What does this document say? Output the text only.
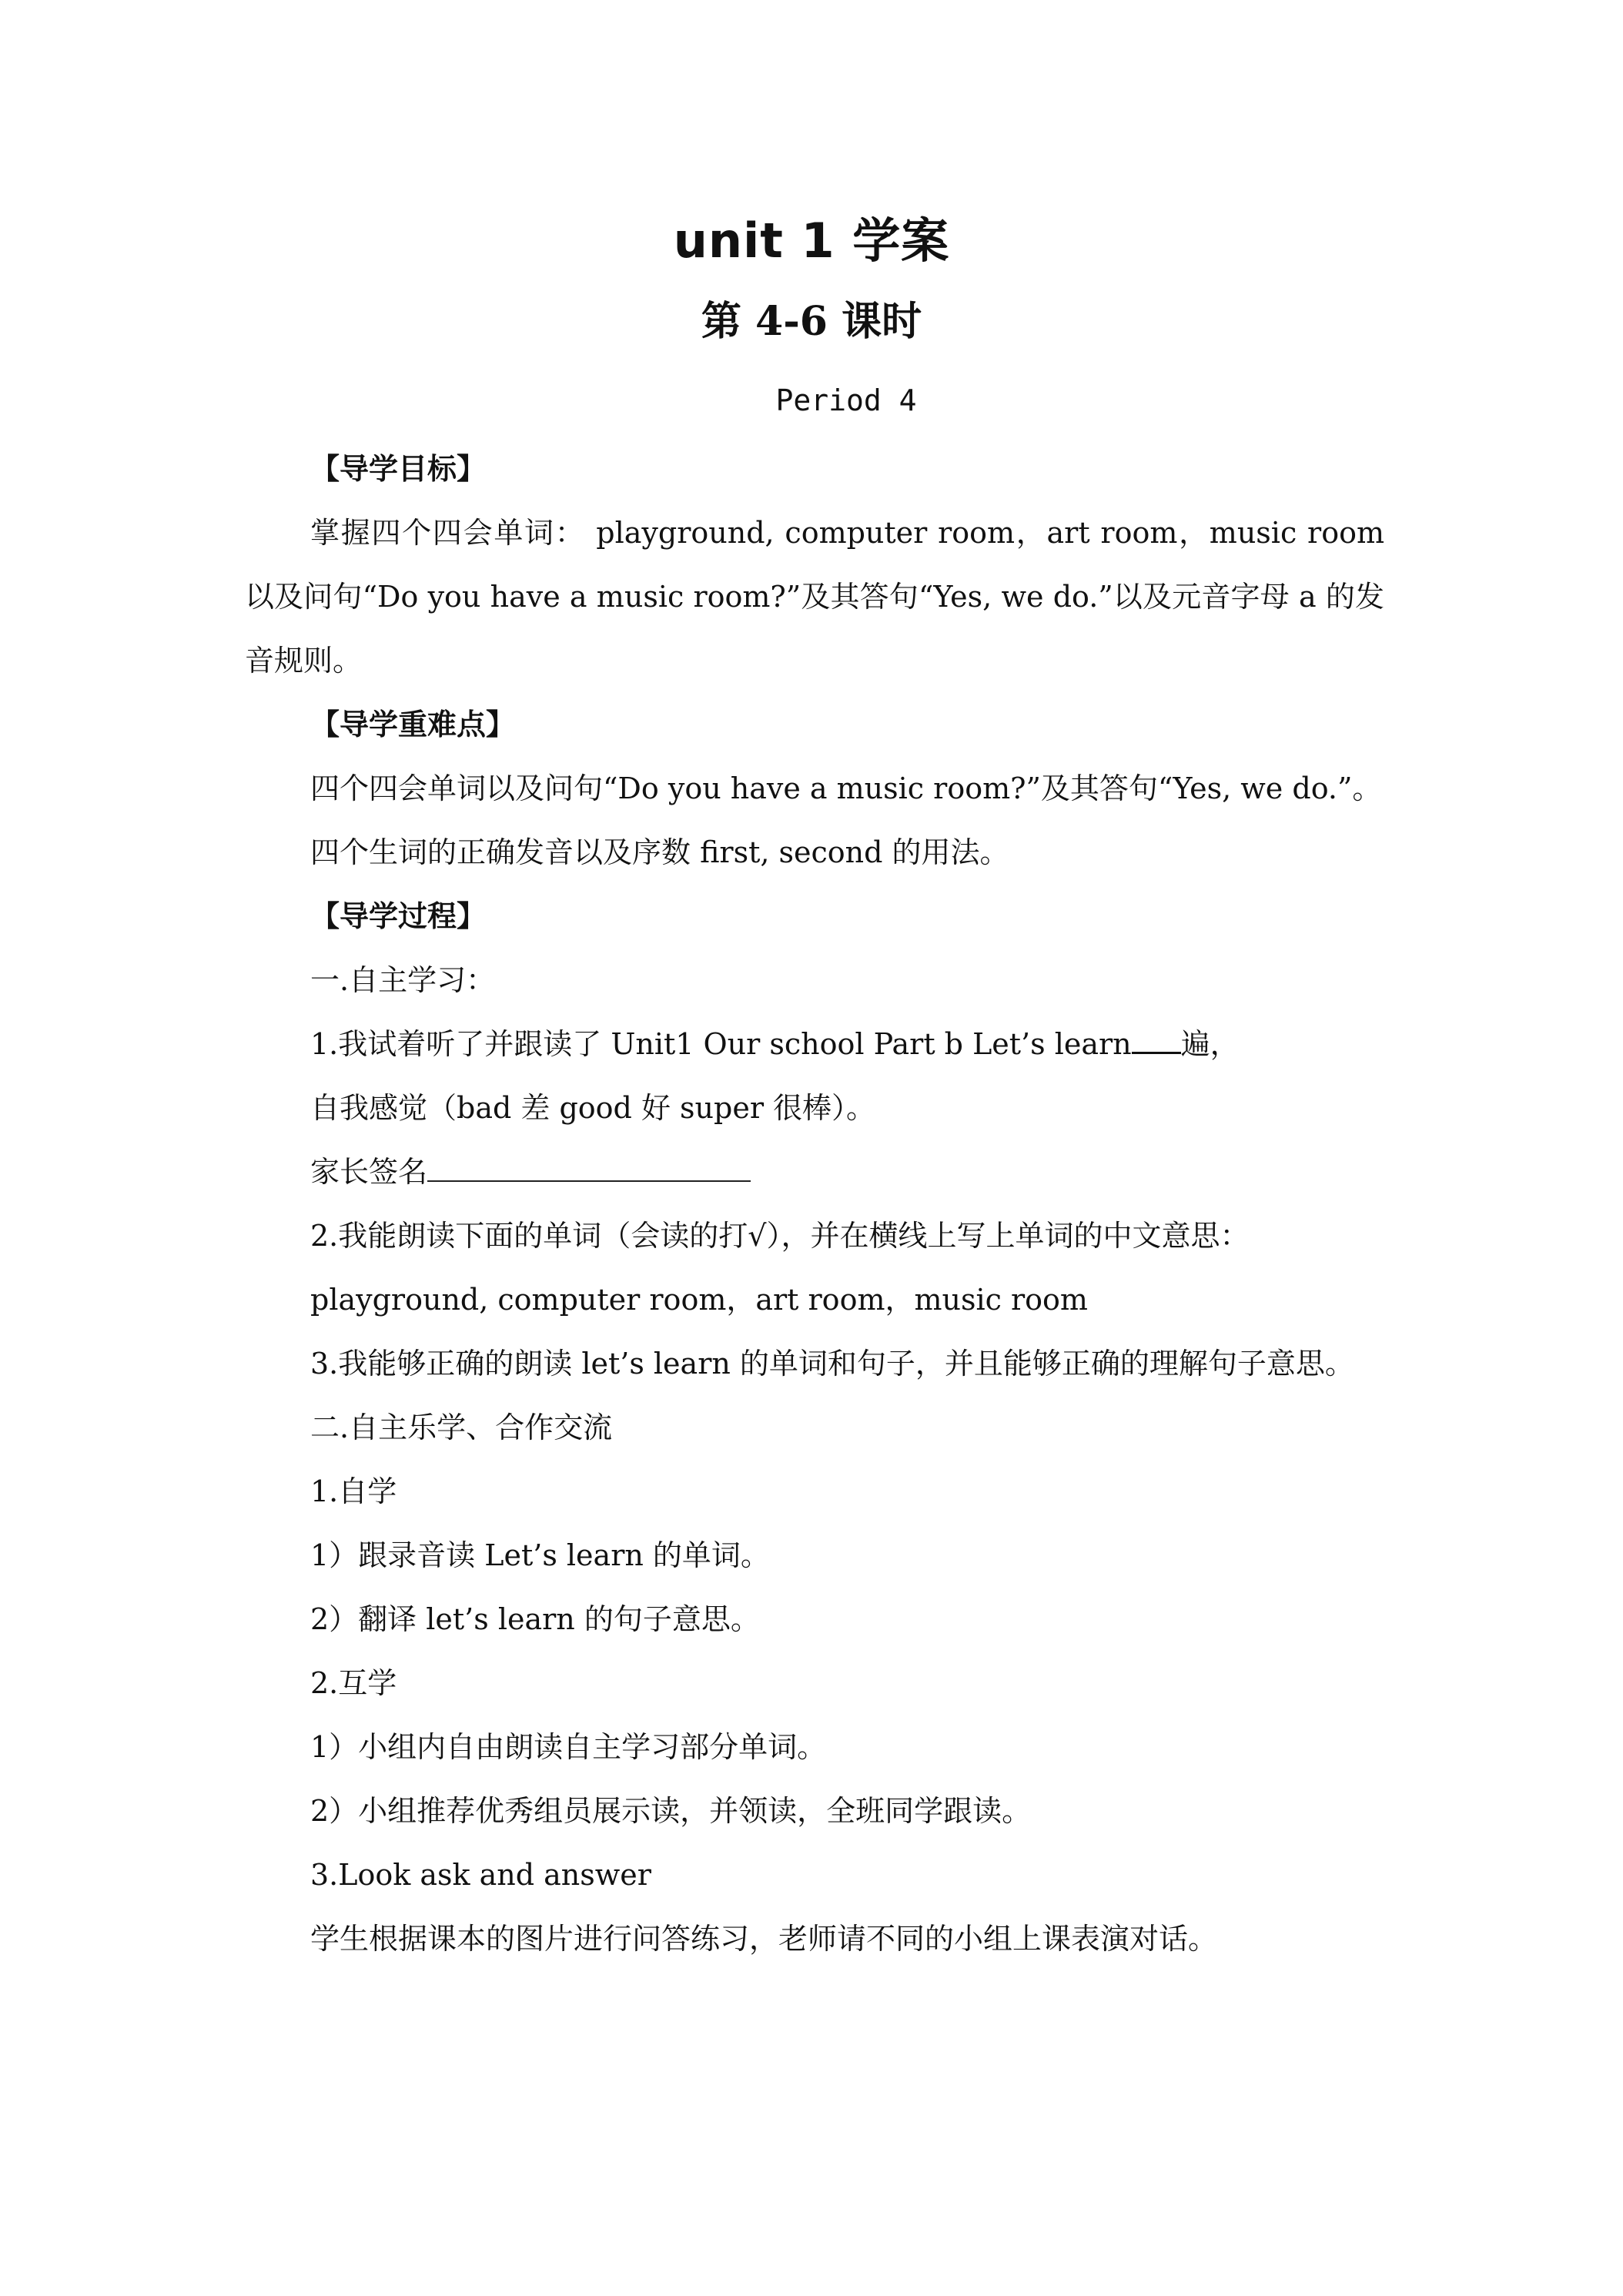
unit 1 学案
第 4-6 课时
Period 4

【导学目标】

掌握四个四会单词： playground, computer room，art room，music room 以及问句“Do you have a music room?”及其答句“Yes, we do.”以及元音字母 a 的发音规则。

【导学重难点】

四个四会单词以及问句“Do you have a music room?”及其答句“Yes, we do.”。

四个生词的正确发音以及序数 first, second 的用法。

【导学过程】

一.自主学习：

1.我试着听了并跟读了 Unit1 Our school Part b Let’s learn 遍，

自我感觉（bad 差 good 好 super 很棒）。

家长签名

2.我能朗读下面的单词（会读的打√），并在横线上写上单词的中文意思：

playground, computer room，art room，music room

3.我能够正确的朗读 let’s learn 的单词和句子，并且能够正确的理解句子意思。

二.自主乐学、合作交流

1.自学

1）跟录音读 Let’s learn 的单词。

2）翻译 let’s learn 的句子意思。

2.互学

1）小组内自由朗读自主学习部分单词。

2）小组推荐优秀组员展示读，并领读，全班同学跟读。

3.Look ask and answer

学生根据课本的图片进行问答练习，老师请不同的小组上课表演对话。
